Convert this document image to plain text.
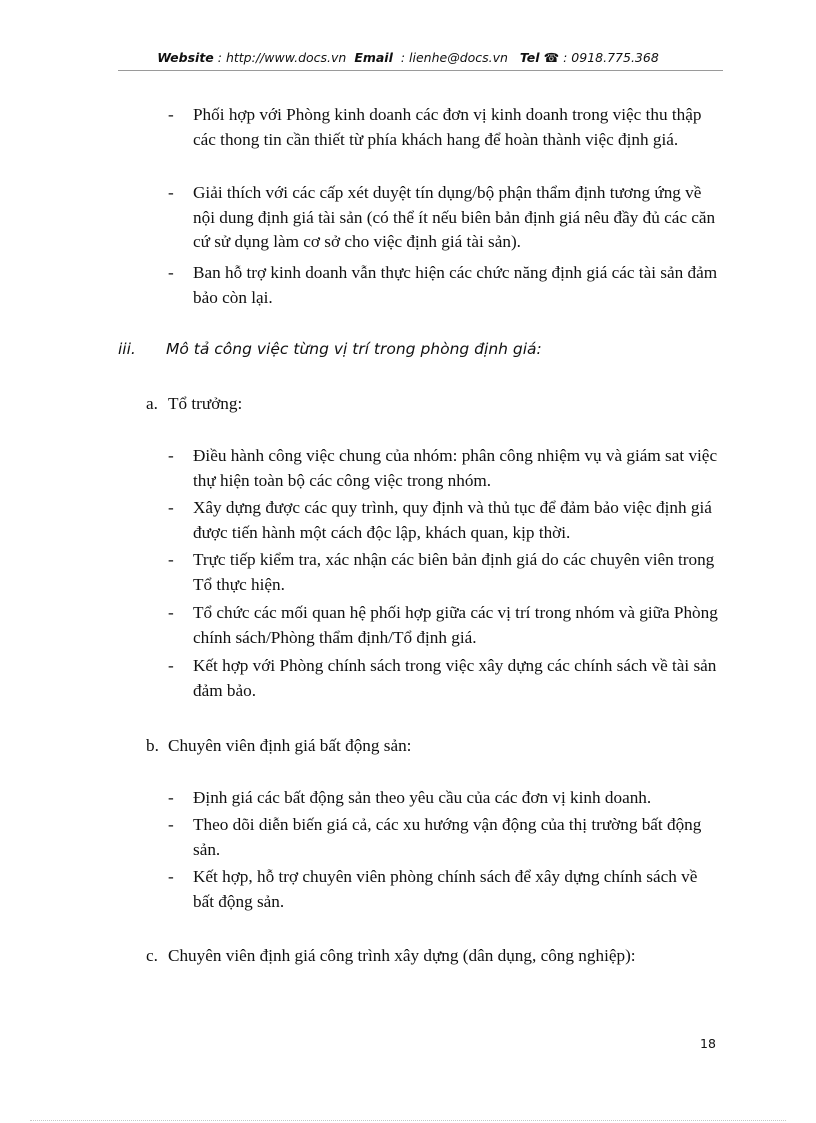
Website : http://www.docs.vn Email : lienhe@docs.vn Tel ☎ : 0918.775.368
- Phối hợp với Phòng kinh doanh các đơn vị kinh doanh trong việc thu thập các thong tin cần thiết từ phía khách hang để hoàn thành việc định giá.
- Giải thích với các cấp xét duyệt tín dụng/bộ phận thẩm định tương ứng về nội dung định giá tài sản (có thể ít nếu biên bản định giá nêu đầy đủ các căn cứ sử dụng làm cơ sở cho việc định giá tài sản).
- Ban hỗ trợ kinh doanh vẫn thực hiện các chức năng định giá các tài sản đảm bảo còn lại.
iii. Mô tả công việc từng vị trí trong phòng định giá:
a. Tổ trưởng:
- Điều hành công việc chung của nhóm: phân công nhiệm vụ và giám sat việc thự hiện toàn bộ các công việc trong nhóm.
- Xây dựng được các quy trình, quy định và thủ tục để đảm bảo việc định giá được tiến hành một cách độc lập, khách quan, kịp thời.
- Trực tiếp kiểm tra, xác nhận các biên bản định giá do các chuyên viên trong Tổ thực hiện.
- Tổ chức các mối quan hệ phối hợp giữa các vị trí trong nhóm và giữa Phòng chính sách/Phòng thẩm định/Tổ định giá.
- Kết hợp với Phòng chính sách trong việc xây dựng các chính sách về tài sản đảm bảo.
b. Chuyên viên định giá bất động sản:
- Định giá các bất động sản theo yêu cầu của các đơn vị kinh doanh.
- Theo dõi diễn biến giá cả, các xu hướng vận động của thị trường bất động sản.
- Kết hợp, hỗ trợ chuyên viên phòng chính sách để xây dựng chính sách về bất động sản.
c. Chuyên viên định giá công trình xây dựng (dân dụng, công nghiệp):
18
